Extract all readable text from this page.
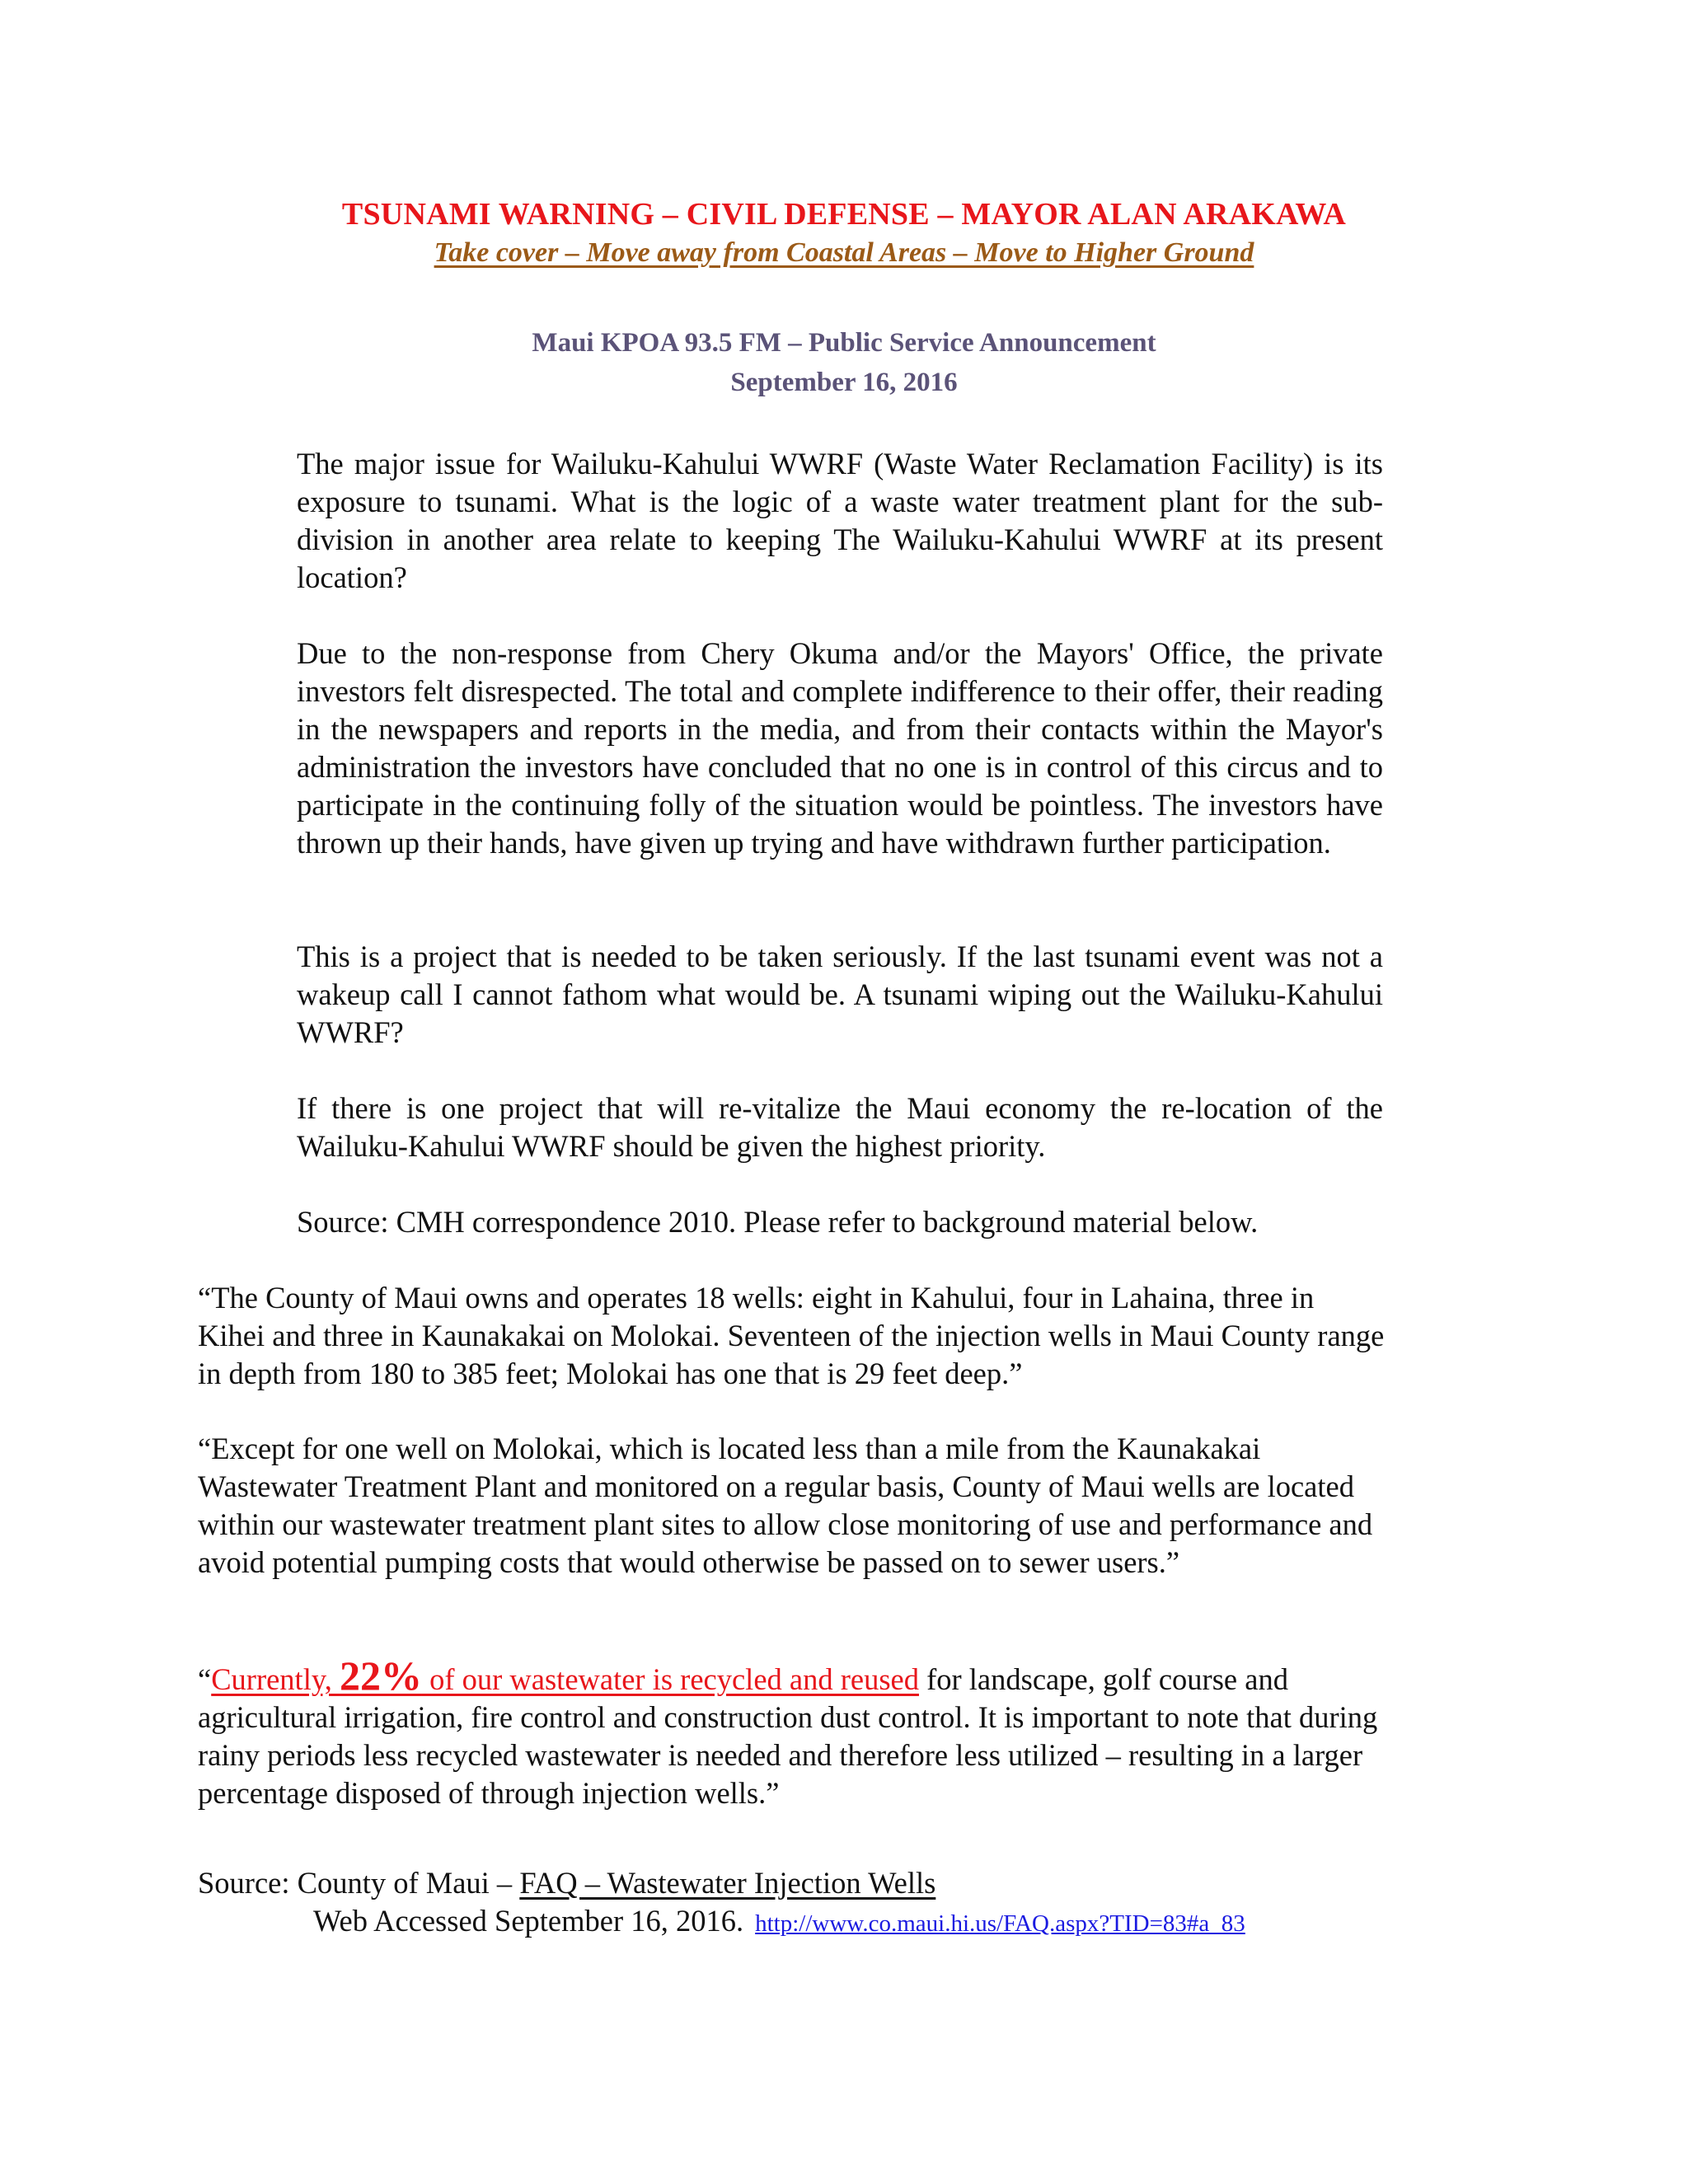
TSUNAMI WARNING – CIVIL DEFENSE – MAYOR ALAN ARAKAWA
Take cover – Move away from Coastal Areas – Move to Higher Ground
Maui KPOA 93.5 FM – Public Service Announcement
September 16, 2016
The major issue for Wailuku-Kahului WWRF (Waste Water Reclamation Facility) is its exposure to tsunami. What is the logic of a waste water treatment plant for the sub-division in another area relate to keeping The Wailuku-Kahului WWRF at its present location?
Due to the non-response from Chery Okuma and/or the Mayors' Office, the private investors felt disrespected. The total and complete indifference to their offer, their reading in the newspapers and reports in the media, and from their contacts within the Mayor's administration the investors have concluded that no one is in control of this circus and to participate in the continuing folly of the situation would be pointless. The investors have thrown up their hands, have given up trying and have withdrawn further participation.
This is a project that is needed to be taken seriously. If the last tsunami event was not a wakeup call I cannot fathom what would be. A tsunami wiping out the Wailuku-Kahului WWRF?
If there is one project that will re-vitalize the Maui economy the re-location of the Wailuku-Kahului WWRF should be given the highest priority.
Source: CMH correspondence 2010. Please refer to background material below.
“The County of Maui owns and operates 18 wells: eight in Kahului, four in Lahaina, three in Kihei and three in Kaunakakai on Molokai. Seventeen of the injection wells in Maui County range in depth from 180 to 385 feet; Molokai has one that is 29 feet deep.”
“Except for one well on Molokai, which is located less than a mile from the Kaunakakai Wastewater Treatment Plant and monitored on a regular basis, County of Maui wells are located within our wastewater treatment plant sites to allow close monitoring of use and performance and avoid potential pumping costs that would otherwise be passed on to sewer users.”
“Currently, 22% of our wastewater is recycled and reused for landscape, golf course and agricultural irrigation, fire control and construction dust control. It is important to note that during rainy periods less recycled wastewater is needed and therefore less utilized – resulting in a larger percentage disposed of through injection wells.”
Source: County of Maui – FAQ – Wastewater Injection Wells
Web Accessed September 16, 2016. http://www.co.maui.hi.us/FAQ.aspx?TID=83#a_83
